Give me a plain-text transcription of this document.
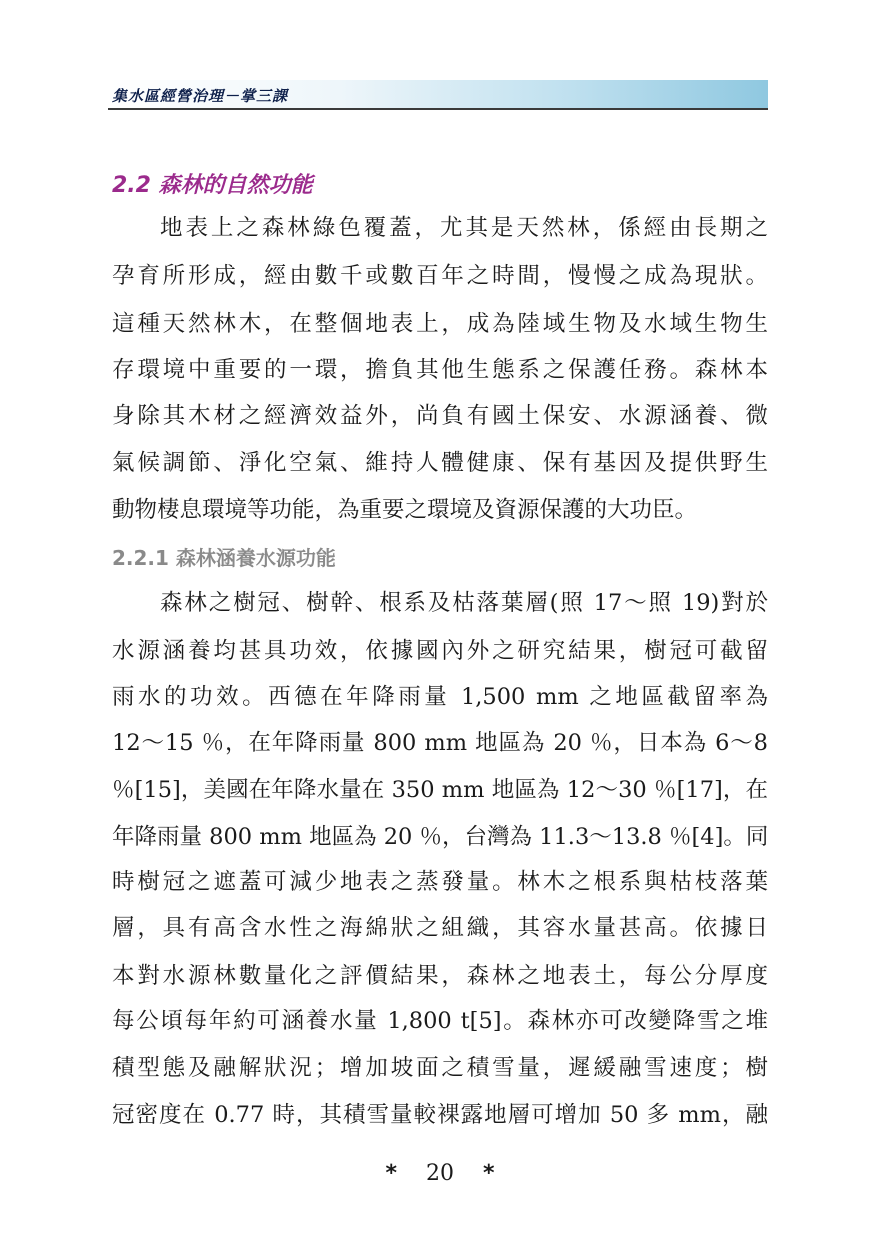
集水區經營治理－掌三課
2.2 森林的自然功能
地表上之森林綠色覆蓋，尤其是天然林，係經由長期之
孕育所形成，經由數千或數百年之時間，慢慢之成為現狀。
這種天然林木，在整個地表上，成為陸域生物及水域生物生
存環境中重要的一環，擔負其他生態系之保護任務。森林本
身除其木材之經濟效益外，尚負有國土保安、水源涵養、微
氣候調節、淨化空氣、維持人體健康、保有基因及提供野生
動物棲息環境等功能，為重要之環境及資源保護的大功臣。
2.2.1 森林涵養水源功能
森林之樹冠、樹幹、根系及枯落葉層(照 17～照 19)對於
水源涵養均甚具功效，依據國內外之研究結果，樹冠可截留
雨水的功效。西德在年降雨量 1,500 mm 之地區截留率為
12～15 ％，在年降雨量 800 mm 地區為 20 ％，日本為 6～8
％[15]，美國在年降水量在 350 mm 地區為 12～30 ％[17]，在
年降雨量 800 mm 地區為 20 ％，台灣為 11.3～13.8 ％[4]。同
時樹冠之遮蓋可減少地表之蒸發量。林木之根系與枯枝落葉
層，具有高含水性之海綿狀之組織，其容水量甚高。依據日
本對水源林數量化之評價結果，森林之地表土，每公分厚度
每公頃每年約可涵養水量 1,800 t[5]。森林亦可改變降雪之堆
積型態及融解狀況；增加坡面之積雪量，遲緩融雪速度；樹
冠密度在 0.77 時，其積雪量較裸露地層可增加 50 多 mm，融
* 20 *
